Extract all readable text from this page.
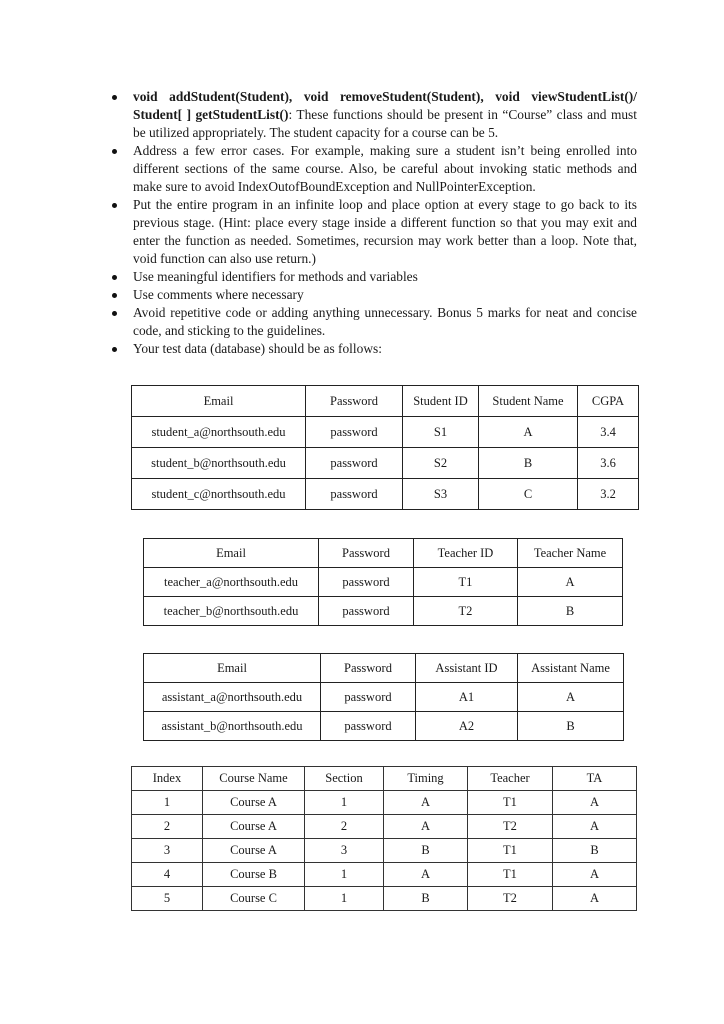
void addStudent(Student), void removeStudent(Student), void viewStudentList()/ Student[ ] getStudentList(): These functions should be present in “Course” class and must be utilized appropriately. The student capacity for a course can be 5.
Address a few error cases. For example, making sure a student isn’t being enrolled into different sections of the same course. Also, be careful about invoking static methods and make sure to avoid IndexOutofBoundException and NullPointerException.
Put the entire program in an infinite loop and place option at every stage to go back to its previous stage. (Hint: place every stage inside a different function so that you may exit and enter the function as needed. Sometimes, recursion may work better than a loop. Note that, void function can also use return.)
Use meaningful identifiers for methods and variables
Use comments where necessary
Avoid repetitive code or adding anything unnecessary. Bonus 5 marks for neat and concise code, and sticking to the guidelines.
Your test data (database) should be as follows:
Email	Password	Student ID	Student Name	CGPA
student_a@northsouth.edu	password	S1	A	3.4
student_b@northsouth.edu	password	S2	B	3.6
student_c@northsouth.edu	password	S3	C	3.2
Email	Password	Teacher ID	Teacher Name
teacher_a@northsouth.edu	password	T1	A
teacher_b@northsouth.edu	password	T2	B
Email	Password	Assistant ID	Assistant Name
assistant_a@northsouth.edu	password	A1	A
assistant_b@northsouth.edu	password	A2	B
Index	Course Name	Section	Timing	Teacher	TA
1	Course A	1	A	T1	A
2	Course A	2	A	T2	A
3	Course A	3	B	T1	B
4	Course B	1	A	T1	A
5	Course C	1	B	T2	A
